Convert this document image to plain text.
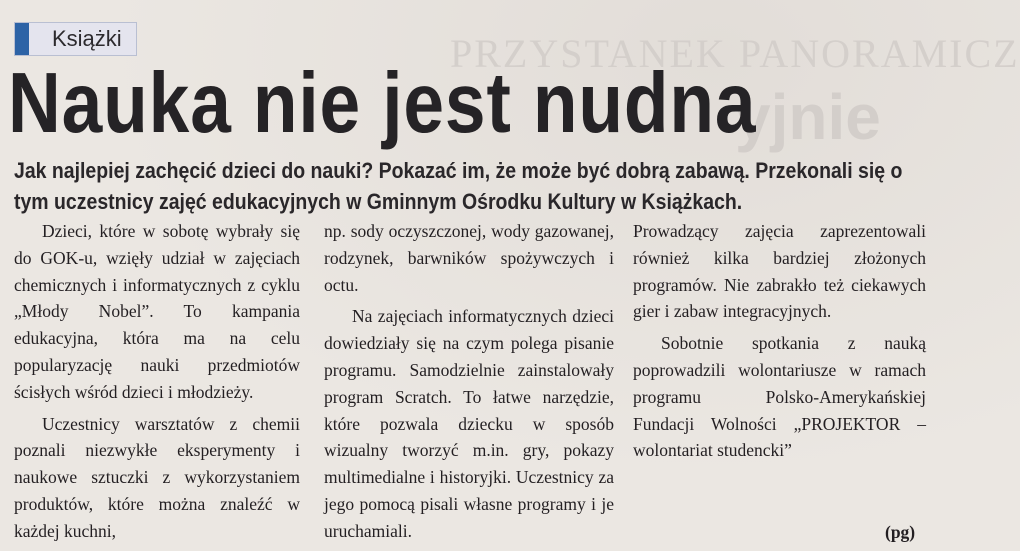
PRZYSTANEK PANORAMICZ
yjnie
Książki
Nauka nie jest nudna

Jak najlepiej zachęcić dzieci do nauki? Pokazać im, że może być dobrą zabawą. Przekonali się o tym uczestnicy zajęć edukacyjnych w Gminnym Ośrodku Kultury w Książkach.

Dzieci, które w sobotę wybrały się do GOK-u, wzięły udział w zajęciach chemicznych i informatycznych z cyklu „Młody Nobel”. To kampania edukacyjna, która ma na celu popularyzację nauki przedmiotów ścisłych wśród dzieci i młodzieży.

Uczestnicy warsztatów z chemii poznali niezwykłe eksperymenty i naukowe sztuczki z wykorzystaniem produktów, które można znaleźć w każdej kuchni,

np. sody oczyszczonej, wody gazowanej, rodzynek, barwników spożywczych i octu.

Na zajęciach informatycznych dzieci dowiedziały się na czym polega pisanie programu. Samodzielnie zainstalowały program Scratch. To łatwe narzędzie, które pozwala dziecku w sposób wizualny tworzyć m.in. gry, pokazy multimedialne i historyjki. Uczestnicy za jego pomocą pisali własne programy i je uruchamiali.

Prowadzący zajęcia zaprezentowali również kilka bardziej złożonych programów. Nie zabrakło też ciekawych gier i zabaw integracyjnych.

Sobotnie spotkania z nauką poprowadzili wolontariusze w ramach programu Polsko-Amerykańskiej Fundacji Wolności „PROJEKTOR – wolontariat studencki”

(pg)
